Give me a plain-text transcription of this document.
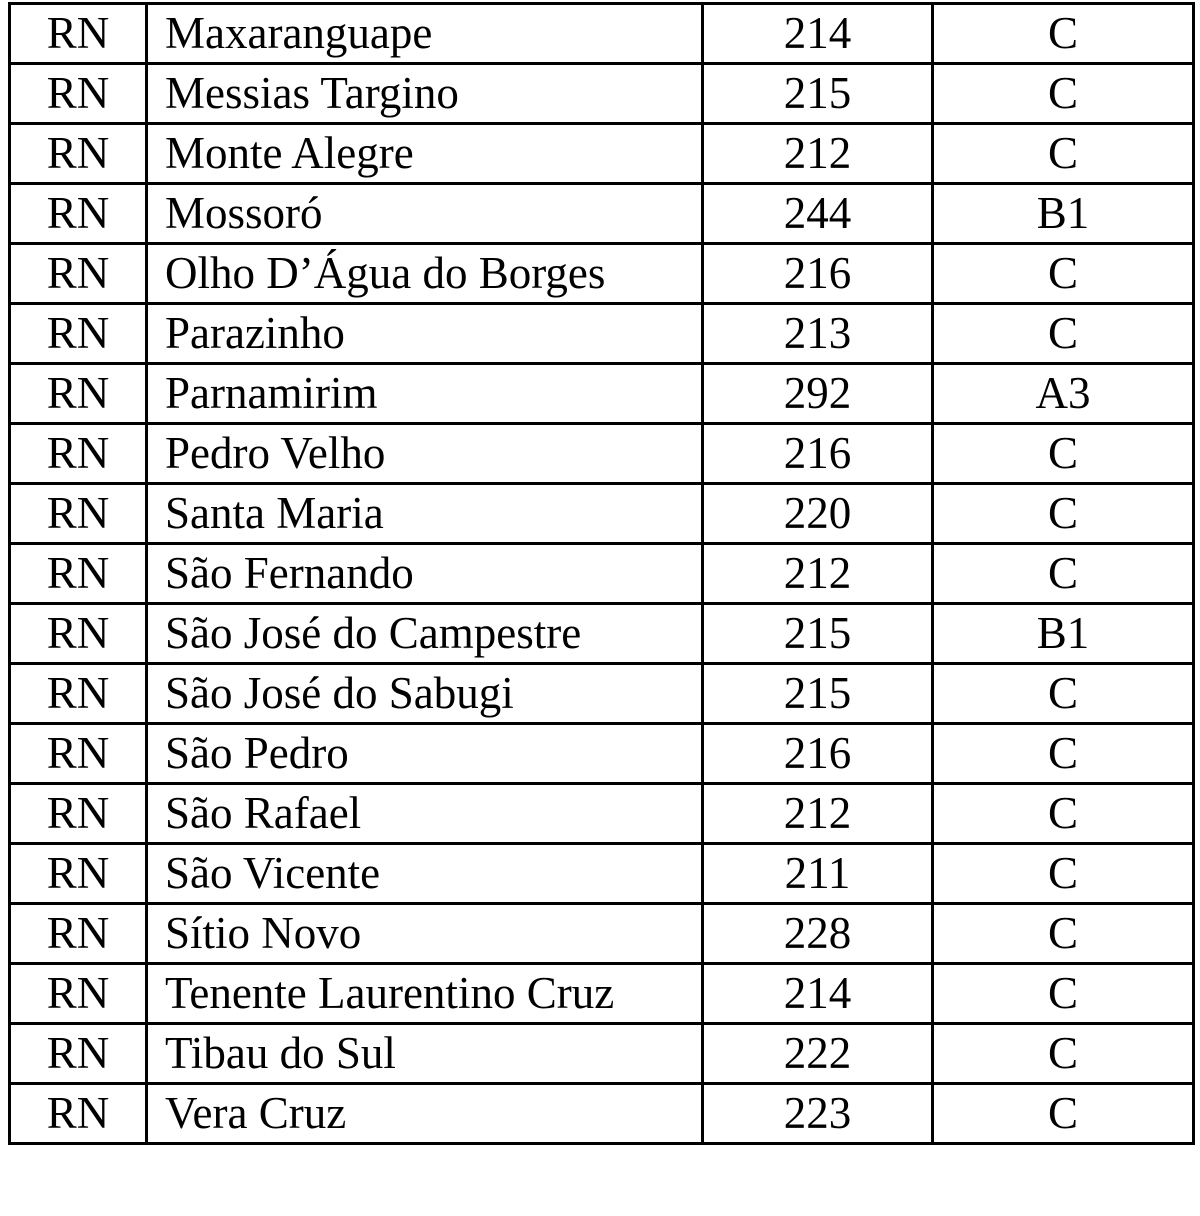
RN	Maxaranguape	214	C
RN	Messias Targino	215	C
RN	Monte Alegre	212	C
RN	Mossoró	244	B1
RN	Olho D’Água do Borges	216	C
RN	Parazinho	213	C
RN	Parnamirim	292	A3
RN	Pedro Velho	216	C
RN	Santa Maria	220	C
RN	São Fernando	212	C
RN	São José do Campestre	215	B1
RN	São José do Sabugi	215	C
RN	São Pedro	216	C
RN	São Rafael	212	C
RN	São Vicente	211	C
RN	Sítio Novo	228	C
RN	Tenente Laurentino Cruz	214	C
RN	Tibau do Sul	222	C
RN	Vera Cruz	223	C
